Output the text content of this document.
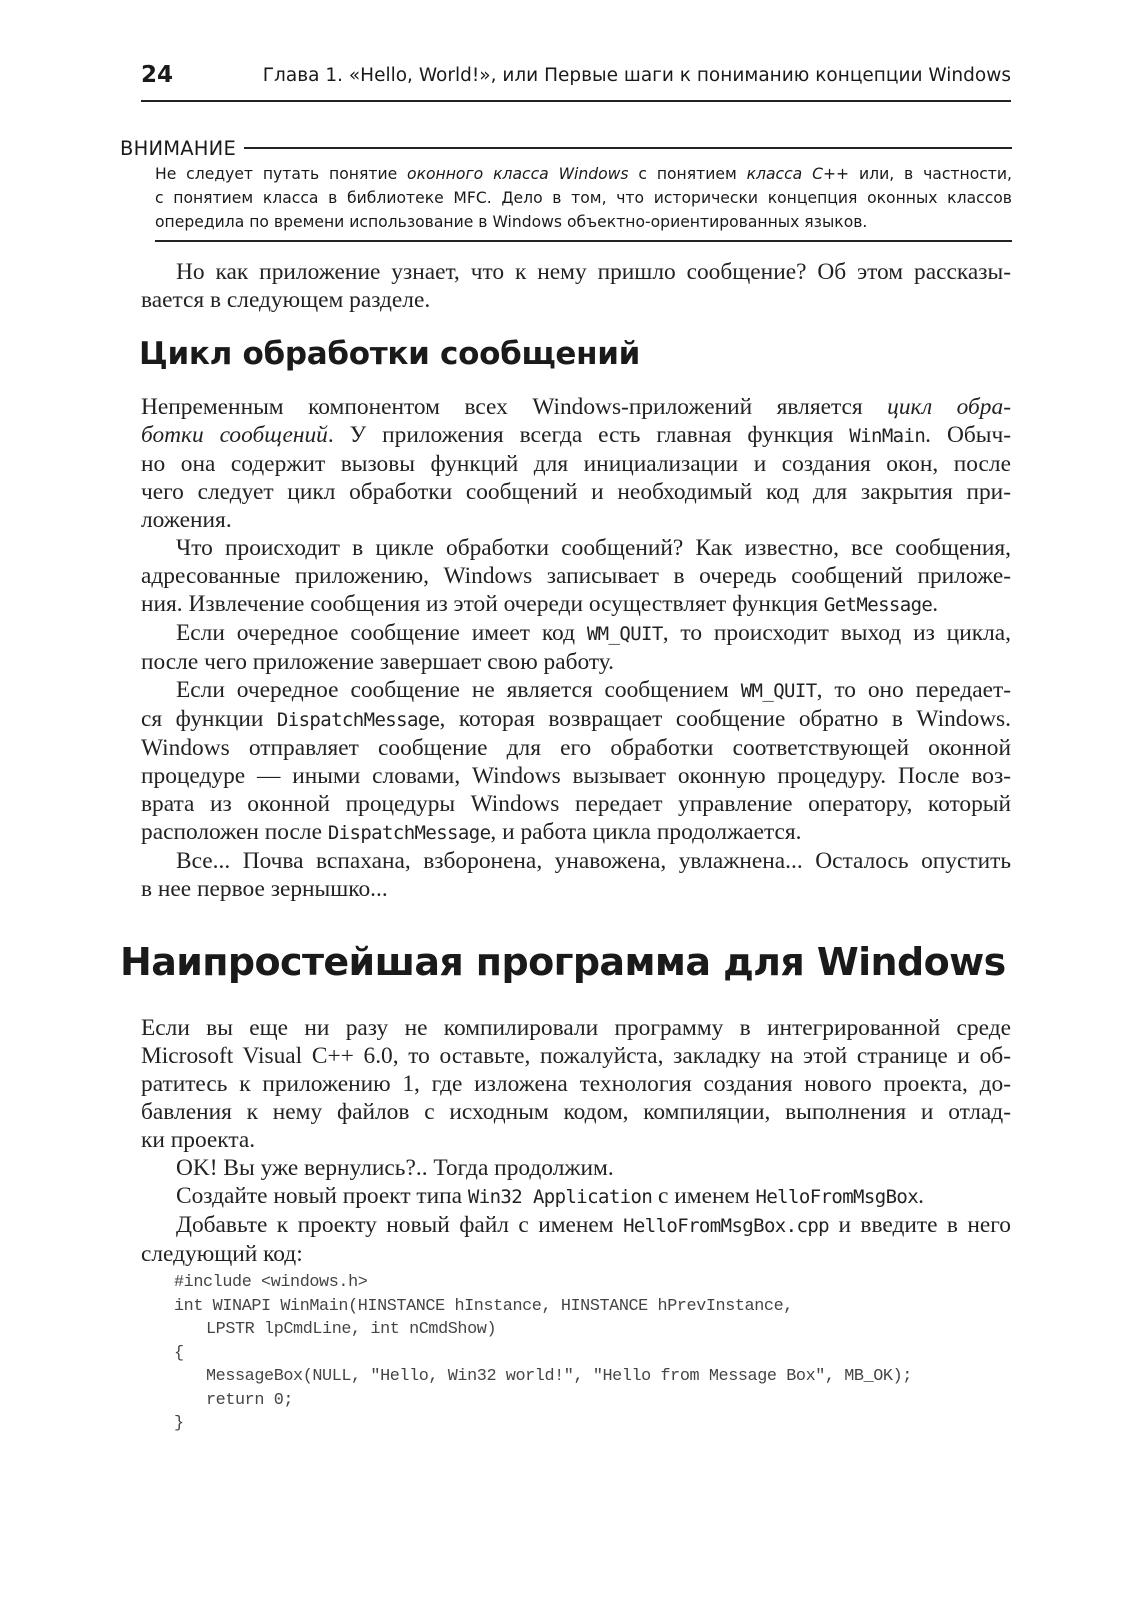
24	Глава 1. «Hello, World!», или Первые шаги к пониманию концепции Windows
ВНИМАНИЕ

Не следует путать понятие оконного класса Windows с понятием класса C++ или, в частности,

с понятием класса в библиотеке MFC. Дело в том, что исторически концепция оконных классов

опередила по времени использование в Windows объектно-ориентированных языков.

Но как приложение узнает, что к нему пришло сообщение? Об этом рассказы-
вается в следующем разделе.
Цикл обработки сообщений

Непременным компонентом всех Windows-приложений является цикл обра-
ботки сообщений. У приложения всегда есть главная функция WinMain. Обыч-
но она содержит вызовы функций для инициализации и создания окон, после
чего следует цикл обработки сообщений и необходимый код для закрытия при-
ложения.

Что происходит в цикле обработки сообщений? Как известно, все сообщения,
адресованные приложению, Windows записывает в очередь сообщений приложе-
ния. Извлечение сообщения из этой очереди осуществляет функция GetMessage.

Если очередное сообщение имеет код WM_QUIT, то происходит выход из цикла,
после чего приложение завершает свою работу.

Если очередное сообщение не является сообщением WM_QUIT, то оно передает-
ся функции DispatchMessage, которая возвращает сообщение обратно в Windows.
Windows отправляет сообщение для его обработки соответствующей оконной
процедуре — иными словами, Windows вызывает оконную процедуру. После воз-
врата из оконной процедуры Windows передает управление оператору, который
расположен после DispatchMessage, и работа цикла продолжается.

Все... Почва вспахана, взборонена, унавожена, увлажнена... Осталось опустить
в нее первое зернышко...

Наипростейшая программа для Windows

Если вы еще ни разу не компилировали программу в интегрированной среде
Microsoft Visual C++ 6.0, то оставьте, пожалуйста, закладку на этой странице и об-
ратитесь к приложению 1, где изложена технология создания нового проекта, до-
бавления к нему файлов с исходным кодом, компиляции, выполнения и отлад-
ки проекта.

OK! Вы уже вернулись?.. Тогда продолжим.

Создайте новый проект типа Win32 Application с именем HelloFromMsgBox.

Добавьте к проекту новый файл с именем HelloFromMsgBox.cpp и введите в него
следующий код:

#include <windows.h>
int WINAPI WinMain(HINSTANCE hInstance, HINSTANCE hPrevInstance,
LPSTR lpCmdLine, int nCmdShow)
{
MessageBox(NULL, "Hello, Win32 world!", "Hello from Message Box", MB_OK);
return 0;
}
